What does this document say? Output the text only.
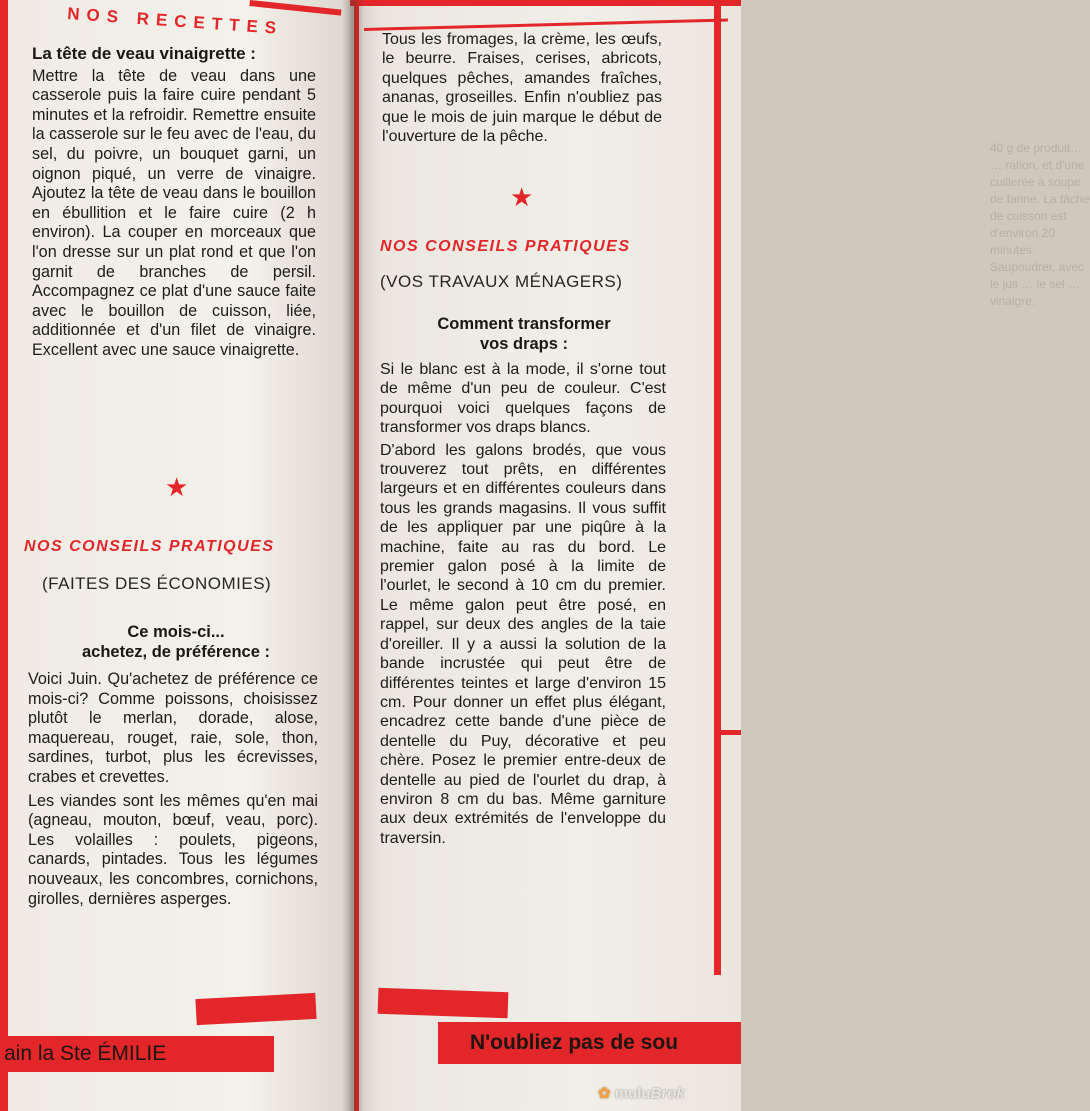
NOS RECETTES
La tête de veau vinaigrette :
Mettre la tête de veau dans une casserole puis la faire cuire pendant 5 minutes et la refroidir. Remettre ensuite la casserole sur le feu avec de l'eau, du sel, du poivre, un bouquet garni, un oignon piqué, un verre de vinaigre. Ajoutez la tête de veau dans le bouillon en ébullition et le faire cuire (2 h environ). La couper en morceaux que l'on dresse sur un plat rond et que l'on garnit de branches de persil. Accompagnez ce plat d'une sauce faite avec le bouillon de cuisson, liée, additionnée et d'un filet de vinaigre. Excellent avec une sauce vinaigrette.
★
NOS CONSEILS PRATIQUES
(FAITES DES ÉCONOMIES)
Ce mois-ci...
achetez, de préférence :
Voici Juin. Qu'achetez de préférence ce mois-ci? Comme poissons, choisissez plutôt le merlan, dorade, alose, maquereau, rouget, raie, sole, thon, sardines, turbot, plus les écrevisses, crabes et crevettes.
Les viandes sont les mêmes qu'en mai (agneau, mouton, bœuf, veau, porc). Les volailles : poulets, pigeons, canards, pintades. Tous les légumes nouveaux, les concombres, cornichons, girolles, dernières asperges.
ain la Ste ÉMILIE
40 g de produit… … ration, et d'une cuillerée à soupe de farine. La tâche de cuisson est d'environ 20 minutes. Saupoudrer, avec le jus … le sel … vinaigre.
Tous les fromages, la crème, les œufs, le beurre. Fraises, cerises, abricots, quelques pêches, amandes fraîches, ananas, groseilles. Enfin n'oubliez pas que le mois de juin marque le début de l'ouverture de la pêche.
★
NOS CONSEILS PRATIQUES
(VOS TRAVAUX MÉNAGERS)
Comment transformer
vos draps :
Si le blanc est à la mode, il s'orne tout de même d'un peu de couleur. C'est pourquoi voici quelques façons de transformer vos draps blancs.
D'abord les galons brodés, que vous trouverez tout prêts, en différentes largeurs et en différentes couleurs dans tous les grands magasins. Il vous suffit de les appliquer par une piqûre à la machine, faite au ras du bord. Le premier galon posé à la limite de l'ourlet, le second à 10 cm du premier. Le même galon peut être posé, en rappel, sur deux des angles de la taie d'oreiller. Il y a aussi la solution de la bande incrustée qui peut être de différentes teintes et large d'environ 15 cm. Pour donner un effet plus élégant, encadrez cette bande d'une pièce de dentelle du Puy, décorative et peu chère. Posez le premier entre-deux de dentelle au pied de l'ourlet du drap, à environ 8 cm du bas. Même garniture aux deux extrémités de l'enveloppe du traversin.
N'oubliez pas de sou
✿ muluBrok
